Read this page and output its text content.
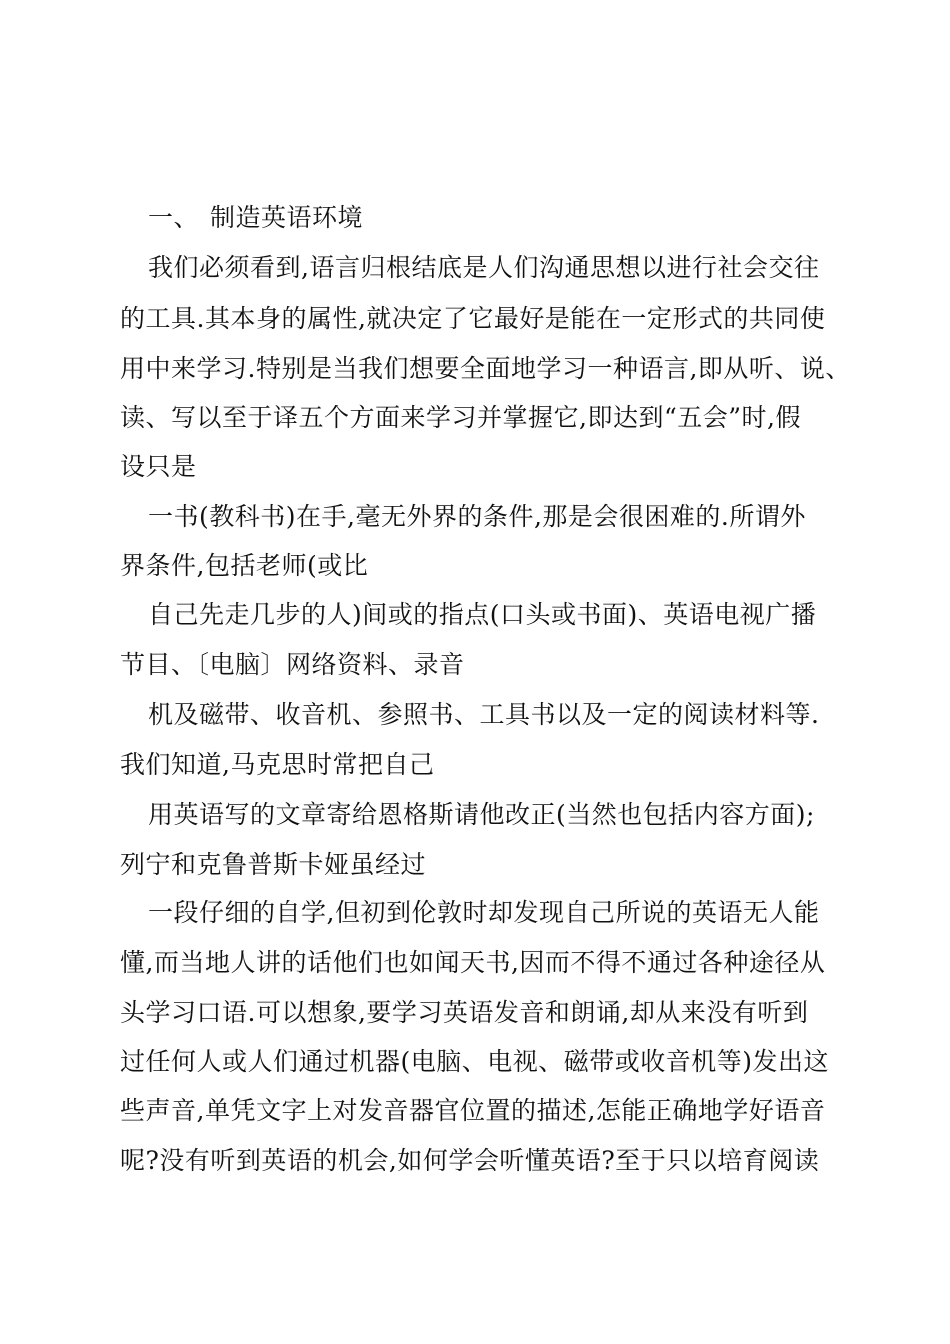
一、 制造英语环境
我们必须看到,语言归根结底是人们沟通思想以进行社会交往
的工具.其本身的属性,就决定了它最好是能在一定形式的共同使
用中来学习.特别是当我们想要全面地学习一种语言,即从听、说、
读、写以至于译五个方面来学习并掌握它,即达到“五会”时,假
设只是
一书(教科书)在手,毫无外界的条件,那是会很困难的.所谓外
界条件,包括老师(或比
自己先走几步的人)间或的指点(口头或书面)、英语电视广播
节目、〔电脑〕网络资料、录音
机及磁带、收音机、参照书、工具书以及一定的阅读材料等.
我们知道,马克思时常把自己
用英语写的文章寄给恩格斯请他改正(当然也包括内容方面);
列宁和克鲁普斯卡娅虽经过
一段仔细的自学,但初到伦敦时却发现自己所说的英语无人能
懂,而当地人讲的话他们也如闻天书,因而不得不通过各种途径从
头学习口语.可以想象,要学习英语发音和朗诵,却从来没有听到
过任何人或人们通过机器(电脑、电视、磁带或收音机等)发出这
些声音,单凭文字上对发音器官位置的描述,怎能正确地学好语音
呢?没有听到英语的机会,如何学会听懂英语?至于只以培育阅读
